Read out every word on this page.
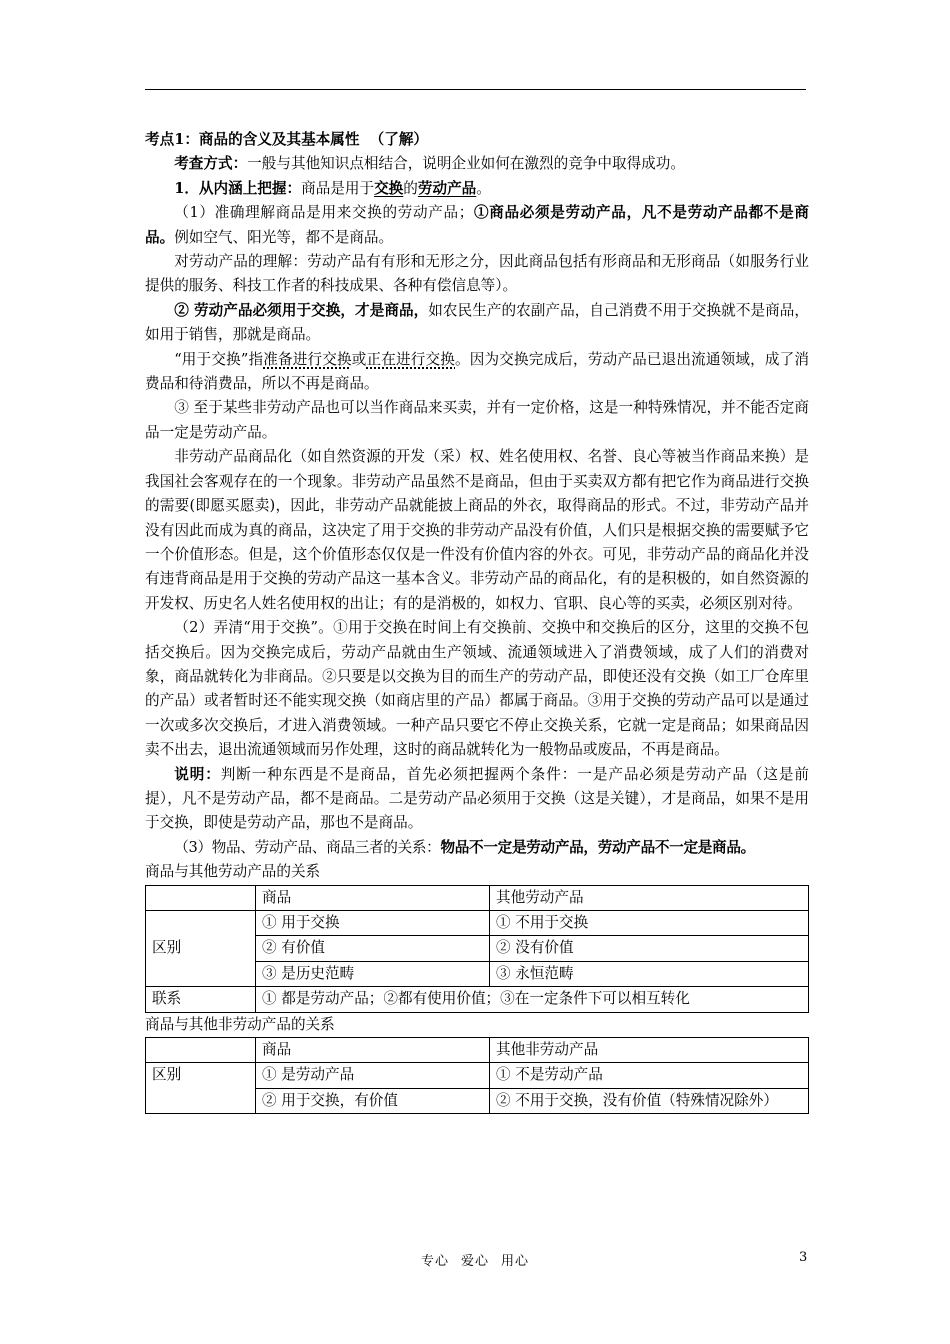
考点1：商品的含义及其基本属性 （了解）

考查方式：一般与其他知识点相结合，说明企业如何在激烈的竞争中取得成功。

1．从内涵上把握：商品是用于交换的劳动产品。

（1）准确理解商品是用来交换的劳动产品；①商品必须是劳动产品，凡不是劳动产品都不是商品。例如空气、阳光等，都不是商品。

对劳动产品的理解：劳动产品有有形和无形之分，因此商品包括有形商品和无形商品（如服务行业提供的服务、科技工作者的科技成果、各种有偿信息等）。

② 劳动产品必须用于交换，才是商品，如农民生产的农副产品，自己消费不用于交换就不是商品，如用于销售，那就是商品。

“用于交换”指准备进行交换或正在进行交换。因为交换完成后，劳动产品已退出流通领域，成了消费品和待消费品，所以不再是商品。

③ 至于某些非劳动产品也可以当作商品来买卖，并有一定价格，这是一种特殊情况，并不能否定商品一定是劳动产品。

非劳动产品商品化（如自然资源的开发（采）权、姓名使用权、名誉、良心等被当作商品来换）是我国社会客观存在的一个现象。非劳动产品虽然不是商品，但由于买卖双方都有把它作为商品进行交换的需要(即愿买愿卖)，因此，非劳动产品就能披上商品的外衣，取得商品的形式。不过，非劳动产品并没有因此而成为真的商品，这决定了用于交换的非劳动产品没有价值，人们只是根据交换的需要赋予它一个价值形态。但是，这个价值形态仅仅是一件没有价值内容的外衣。可见，非劳动产品的商品化并没有违背商品是用于交换的劳动产品这一基本含义。非劳动产品的商品化，有的是积极的，如自然资源的开发权、历史名人姓名使用权的出让；有的是消极的，如权力、官职、良心等的买卖，必须区别对待。

（2）弄清“用于交换”。①用于交换在时间上有交换前、交换中和交换后的区分，这里的交换不包括交换后。因为交换完成后，劳动产品就由生产领域、流通领域进入了消费领域，成了人们的消费对象，商品就转化为非商品。②只要是以交换为目的而生产的劳动产品，即使还没有交换（如工厂仓库里的产品）或者暂时还不能实现交换（如商店里的产品）都属于商品。③用于交换的劳动产品可以是通过一次或多次交换后，才进入消费领域。一种产品只要它不停止交换关系，它就一定是商品；如果商品因卖不出去，退出流通领域而另作处理，这时的商品就转化为一般物品或废品，不再是商品。

说明：判断一种东西是不是商品，首先必须把握两个条件：一是产品必须是劳动产品（这是前提），凡不是劳动产品，都不是商品。二是劳动产品必须用于交换（这是关键），才是商品，如果不是用于交换，即使是劳动产品，那也不是商品。

（3）物品、劳动产品、商品三者的关系：物品不一定是劳动产品，劳动产品不一定是商品。

商品与其他劳动产品的关系

	商品	其他劳动产品
区别	① 用于交换	① 不用于交换
	② 有价值	② 没有价值
	③ 是历史范畴	③ 永恒范畴
联系	① 都是劳动产品；②都有使用价值；③在一定条件下可以相互转化	

商品与其他非劳动产品的关系

	商品	其他非劳动产品
区别	① 是劳动产品	① 不是劳动产品
	② 用于交换，有价值	② 不用于交换，没有价值（特殊情况除外）
专心 爱心 用心	3
